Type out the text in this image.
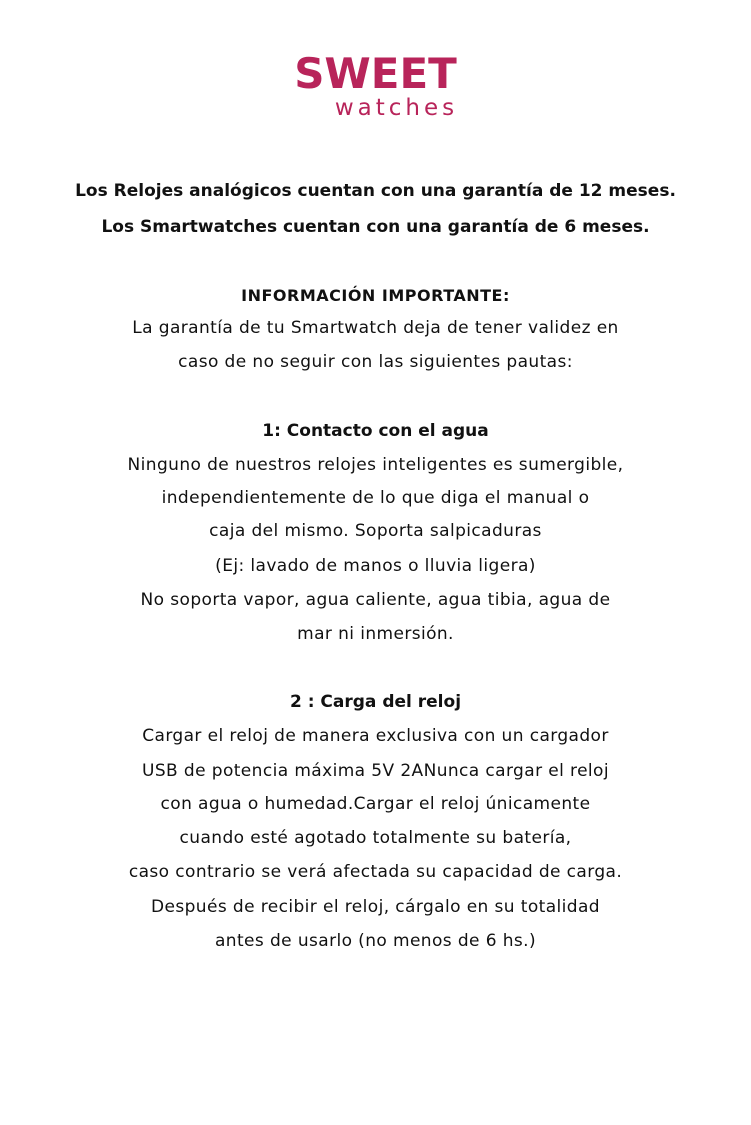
SWEET
watches
Los Relojes analógicos cuentan con una garantía de 12 meses.
Los Smartwatches cuentan con una garantía de 6 meses.
INFORMACIÓN IMPORTANTE:
La garantía de tu Smartwatch deja de tener validez en
caso de no seguir con las siguientes pautas:
1: Contacto con el agua
Ninguno de nuestros relojes inteligentes es sumergible,
independientemente de lo que diga el manual o
caja del mismo. Soporta salpicaduras
(Ej: lavado de manos o lluvia ligera)
No soporta vapor, agua caliente, agua tibia, agua de
mar ni inmersión.
2 : Carga del reloj
Cargar el reloj de manera exclusiva con un cargador
USB de potencia máxima 5V 2ANunca cargar el reloj
con agua o humedad.Cargar el reloj únicamente
cuando esté agotado totalmente su batería,
caso contrario se verá afectada su capacidad de carga.
Después de recibir el reloj, cárgalo en su totalidad
antes de usarlo (no menos de 6 hs.)
